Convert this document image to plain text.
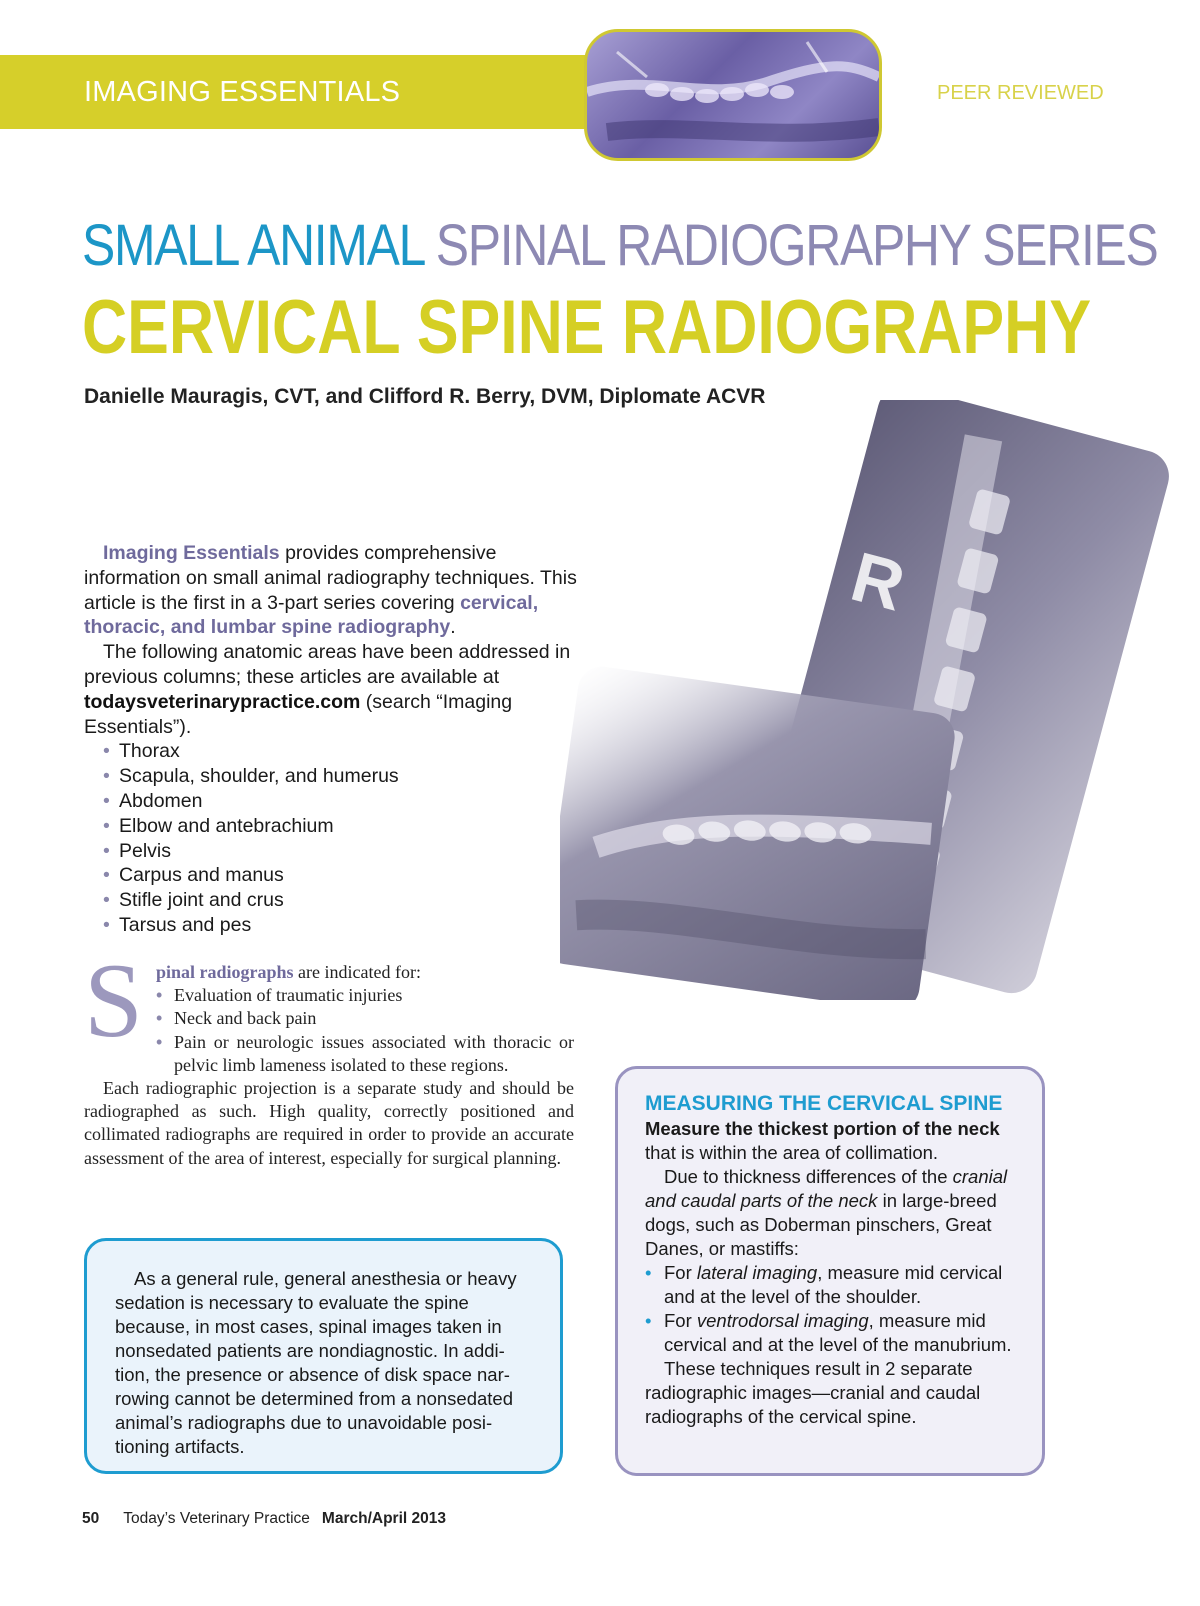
IMAGING ESSENTIALS	PEER REVIEWED
SMALL ANIMAL SPINAL RADIOGRAPHY SERIES
CERVICAL SPINE RADIOGRAPHY
Danielle Mauragis, CVT, and Clifford R. Berry, DVM, Diplomate ACVR
R

Imaging Essentials provides comprehensive information on small animal radiography techniques. This article is the first in a 3-part series covering cervical, thoracic, and lumbar spine radiography.

The following anatomic areas have been addressed in previous columns; these articles are available at todaysveterinarypractice.com (search “Imaging Essentials”).

• Thorax
• Scapula, shoulder, and humerus
• Abdomen
• Elbow and antebrachium
• Pelvis
• Carpus and manus
• Stifle joint and crus
• Tarsus and pes
S pinal radiographs are indicated for:
• Evaluation of traumatic injuries
• Neck and back pain
• Pain or neurologic issues associated with thoracic or pelvic limb lameness isolated to these regions.

Each radiographic projection is a separate study and should be radiographed as such. High quality, correctly positioned and collimated radiographs are required in order to provide an accurate assessment of the area of interest, especially for surgical planning.

As a general rule, general anesthesia or heavy sedation is necessary to evaluate the spine because, in most cases, spinal images taken in nonsedated patients are nondiagnostic. In addition, the presence or absence of disk space narrowing cannot be determined from a nonsedated animal’s radiographs due to unavoidable positioning artifacts.

MEASURING THE CERVICAL SPINE

Measure the thickest portion of the neck that is within the area of collimation.

Due to thickness differences of the cranial and caudal parts of the neck in large-breed dogs, such as Doberman pinschers, Great Danes, or mastiffs:

• For lateral imaging, measure mid cervical and at the level of the shoulder.
• For ventrodorsal imaging, measure mid cervical and at the level of the manubrium.

These techniques result in 2 separate radiographic images—cranial and caudal radiographs of the cervical spine.

50 Today’s Veterinary Practice March/April 2013
